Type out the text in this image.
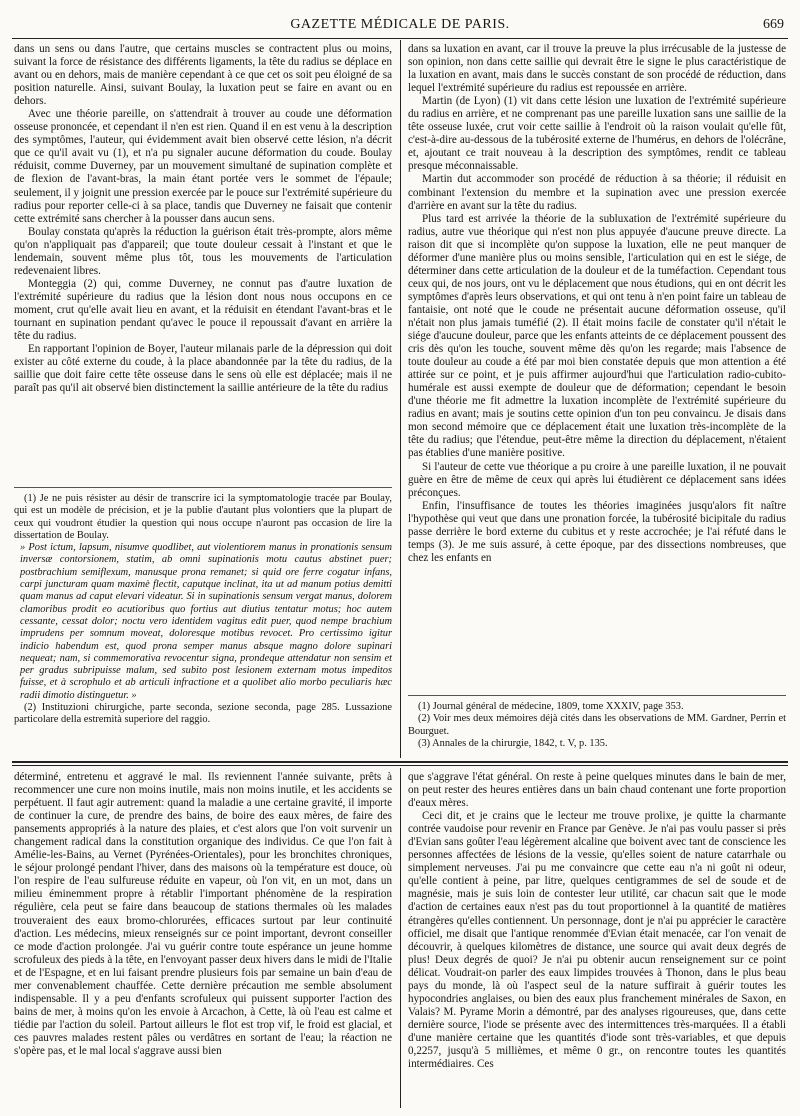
GAZETTE MÉDICALE DE PARIS.	669

dans un sens ou dans l'autre, que certains muscles se contractent plus ou moins, suivant la force de résistance des différents ligaments, la tête du radius se déplace en avant ou en dehors, mais de manière cependant à ce que cet os soit peu éloigné de sa position naturelle. Ainsi, suivant Boulay, la luxation peut se faire en avant ou en dehors.

Avec une théorie pareille, on s'attendrait à trouver au coude une déformation osseuse prononcée, et cependant il n'en est rien. Quand il en est venu à la description des symptômes, l'auteur, qui évidemment avait bien observé cette lésion, n'a décrit que ce qu'il avait vu (1), et n'a pu signaler aucune déformation du coude. Boulay réduisit, comme Duverney, par un mouvement simultané de supination complète et de flexion de l'avant-bras, la main étant portée vers le sommet de l'épaule; seulement, il y joignit une pression exercée par le pouce sur l'extrémité supérieure du radius pour reporter celle-ci à sa place, tandis que Duverney ne faisait que contenir cette extrémité sans chercher à la pousser dans aucun sens.

Boulay constata qu'après la réduction la guérison était très-prompte, alors même qu'on n'appliquait pas d'appareil; que toute douleur cessait à l'instant et que le lendemain, souvent même plus tôt, tous les mouvements de l'articulation redevenaient libres.

Monteggia (2) qui, comme Duverney, ne connut pas d'autre luxation de l'extrémité supérieure du radius que la lésion dont nous nous occupons en ce moment, crut qu'elle avait lieu en avant, et la réduisit en étendant l'avant-bras et le tournant en supination pendant qu'avec le pouce il repoussait d'avant en arrière la tête du radius.

En rapportant l'opinion de Boyer, l'auteur milanais parle de la dépression qui doit exister au côté externe du coude, à la place abandonnée par la tête du radius, de la saillie que doit faire cette tête osseuse dans le sens où elle est déplacée; mais il ne paraît pas qu'il ait observé bien distinctement la saillie antérieure de la tête du radius

(1) Je ne puis résister au désir de transcrire ici la symptomatologie tracée par Boulay, qui est un modèle de précision, et je la publie d'autant plus volontiers que la plupart de ceux qui voudront étudier la question qui nous occupe n'auront pas occasion de lire la dissertation de Boulay.

» Post ictum, lapsum, nisumve quodlibet, aut violentiorem manus in pronationis sensum inversæ contorsionem, statim, ab omni supinationis motu cautus abstinet puer; postbrachium semiflexum, manusque prona remanet; si quid ore ferre cogatur infans, carpi juncturam quam maximè flectit, caputque inclinat, ita ut ad manum potius demitti quam manus ad caput elevari videatur. Si in supinationis sensum vergat manus, dolorem clamoribus prodit eo acutioribus quo fortius aut diutius tentatur motus; hoc autem cessante, cessat dolor; noctu vero identidem vagitus edit puer, quod nempe brachium imprudens per somnum moveat, doloresque motibus revocet. Pro certissimo igitur indicio habendum est, quod prona semper manus absque magno dolore supinari nequeat; nam, si commemorativa revocentur signa, prondeque attendatur non sensim et per gradus subripuisse malum, sed subito post lesionem externam motus impeditos fuisse, et à scrophulo et ab articuli infractione et a quolibet alio morbo peculiaris hæc radii dimotio distinguetur. »

(2) Instituzioni chirurgiche, parte seconda, sezione seconda, page 285. Lussazione particolare della estremità superiore del raggio.

dans sa luxation en avant, car il trouve la preuve la plus irrécusable de la justesse de son opinion, non dans cette saillie qui devrait être le signe le plus caractéristique de la luxation en avant, mais dans le succès constant de son procédé de réduction, dans lequel l'extrémité supérieure du radius est repoussée en arrière.

Martin (de Lyon) (1) vit dans cette lésion une luxation de l'extrémité supérieure du radius en arrière, et ne comprenant pas une pareille luxation sans une saillie de la tête osseuse luxée, crut voir cette saillie à l'endroit où la raison voulait qu'elle fût, c'est-à-dire au-dessous de la tubérosité externe de l'humérus, en dehors de l'olécrâne, et, ajoutant ce trait nouveau à la description des symptômes, rendit ce tableau presque méconnaissable.

Martin dut accommoder son procédé de réduction à sa théorie; il réduisit en combinant l'extension du membre et la supination avec une pression exercée d'arrière en avant sur la tête du radius.

Plus tard est arrivée la théorie de la subluxation de l'extrémité supérieure du radius, autre vue théorique qui n'est non plus appuyée d'aucune preuve directe. La raison dit que si incomplète qu'on suppose la luxation, elle ne peut manquer de déformer d'une manière plus ou moins sensible, l'articulation qui en est le siége, de déterminer dans cette articulation de la douleur et de la tuméfaction. Cependant tous ceux qui, de nos jours, ont vu le déplacement que nous étudions, qui en ont décrit les symptômes d'après leurs observations, et qui ont tenu à n'en point faire un tableau de fantaisie, ont noté que le coude ne présentait aucune déformation osseuse, qu'il n'était non plus jamais tuméfié (2). Il était moins facile de constater qu'il n'était le siége d'aucune douleur, parce que les enfants atteints de ce déplacement poussent des cris dès qu'on les touche, souvent même dès qu'on les regarde; mais l'absence de toute douleur au coude a été par moi bien constatée depuis que mon attention a été attirée sur ce point, et je puis affirmer aujourd'hui que l'articulation radio-cubito-humérale est aussi exempte de douleur que de déformation; cependant le besoin d'une théorie me fit admettre la luxation incomplète de l'extrémité supérieure du radius en avant; mais je soutins cette opinion d'un ton peu convaincu. Je disais dans mon second mémoire que ce déplacement était une luxation très-incomplète de la tête du radius; que l'étendue, peut-être même la direction du déplacement, n'étaient pas établies d'une manière positive.

Si l'auteur de cette vue théorique a pu croire à une pareille luxation, il ne pouvait guère en être de même de ceux qui après lui étudièrent ce déplacement sans idées préconçues.

Enfin, l'insuffisance de toutes les théories imaginées jusqu'alors fit naître l'hypothèse qui veut que dans une pronation forcée, la tubérosité bicipitale du radius passe derrière le bord externe du cubitus et y reste accrochée; je l'ai réfuté dans le temps (3). Je me suis assuré, à cette époque, par des dissections nombreuses, que chez les enfants en

(1) Journal général de médecine, 1809, tome XXXIV, page 353.

(2) Voir mes deux mémoires déjà cités dans les observations de MM. Gardner, Perrin et Bourguet.

(3) Annales de la chirurgie, 1842, t. V, p. 135.

déterminé, entretenu et aggravé le mal. Ils reviennent l'année suivante, prêts à recommencer une cure non moins inutile, mais non moins inutile, et les accidents se perpétuent. Il faut agir autrement: quand la maladie a une certaine gravité, il importe de continuer la cure, de prendre des bains, de boire des eaux mères, de faire des pansements appropriés à la nature des plaies, et c'est alors que l'on voit survenir un changement radical dans la constitution organique des individus. Ce que l'on fait à Amélie-les-Bains, au Vernet (Pyrénées-Orientales), pour les bronchites chroniques, le séjour prolongé pendant l'hiver, dans des maisons où la température est douce, où l'on respire de l'eau sulfureuse réduite en vapeur, où l'on vit, en un mot, dans un milieu éminemment propre à rétablir l'important phénomène de la respiration régulière, cela peut se faire dans beaucoup de stations thermales où les malades trouveraient des eaux bromo-chlorurées, efficaces surtout par leur continuité d'action. Les médecins, mieux renseignés sur ce point important, devront conseiller ce mode d'action prolongée. J'ai vu guérir contre toute espérance un jeune homme scrofuleux des pieds à la tête, en l'envoyant passer deux hivers dans le midi de l'Italie et de l'Espagne, et en lui faisant prendre plusieurs fois par semaine un bain d'eau de mer convenablement chauffée. Cette dernière précaution me semble absolument indispensable. Il y a peu d'enfants scrofuleux qui puissent supporter l'action des bains de mer, à moins qu'on les envoie à Arcachon, à Cette, là où l'eau est calme et tiédie par l'action du soleil. Partout ailleurs le flot est trop vif, le froid est glacial, et ces pauvres malades restent pâles ou verdâtres en sortant de l'eau; la réaction ne s'opère pas, et le mal local s'aggrave aussi bien

que s'aggrave l'état général. On reste à peine quelques minutes dans le bain de mer, on peut rester des heures entières dans un bain chaud contenant une forte proportion d'eaux mères.

Ceci dit, et je crains que le lecteur me trouve prolixe, je quitte la charmante contrée vaudoise pour revenir en France par Genève. Je n'ai pas voulu passer si près d'Evian sans goûter l'eau légèrement alcaline que boivent avec tant de conscience les personnes affectées de lésions de la vessie, qu'elles soient de nature catarrhale ou simplement nerveuses. J'ai pu me convaincre que cette eau n'a ni goût ni odeur, qu'elle contient à peine, par litre, quelques centigrammes de sel de soude et de magnésie, mais je suis loin de contester leur utilité, car chacun sait que le mode d'action de certaines eaux n'est pas du tout proportionnel à la quantité de matières étrangères qu'elles contiennent. Un personnage, dont je n'ai pu apprécier le caractère officiel, me disait que l'antique renommée d'Evian était menacée, car l'on venait de découvrir, à quelques kilomètres de distance, une source qui avait deux degrés de plus! Deux degrés de quoi? Je n'ai pu obtenir aucun renseignement sur ce point délicat. Voudrait-on parler des eaux limpides trouvées à Thonon, dans le plus beau pays du monde, là où l'aspect seul de la nature suffirait à guérir toutes les hypocondries anglaises, ou bien des eaux plus franchement minérales de Saxon, en Valais? M. Pyrame Morin a démontré, par des analyses rigoureuses, que, dans cette dernière source, l'iode se présente avec des intermittences très-marquées. Il a établi d'une manière certaine que les quantités d'iode sont très-variables, et que depuis 0,2257, jusqu'à 5 millièmes, et même 0 gr., on rencontre toutes les quantités intermédiaires. Ces
